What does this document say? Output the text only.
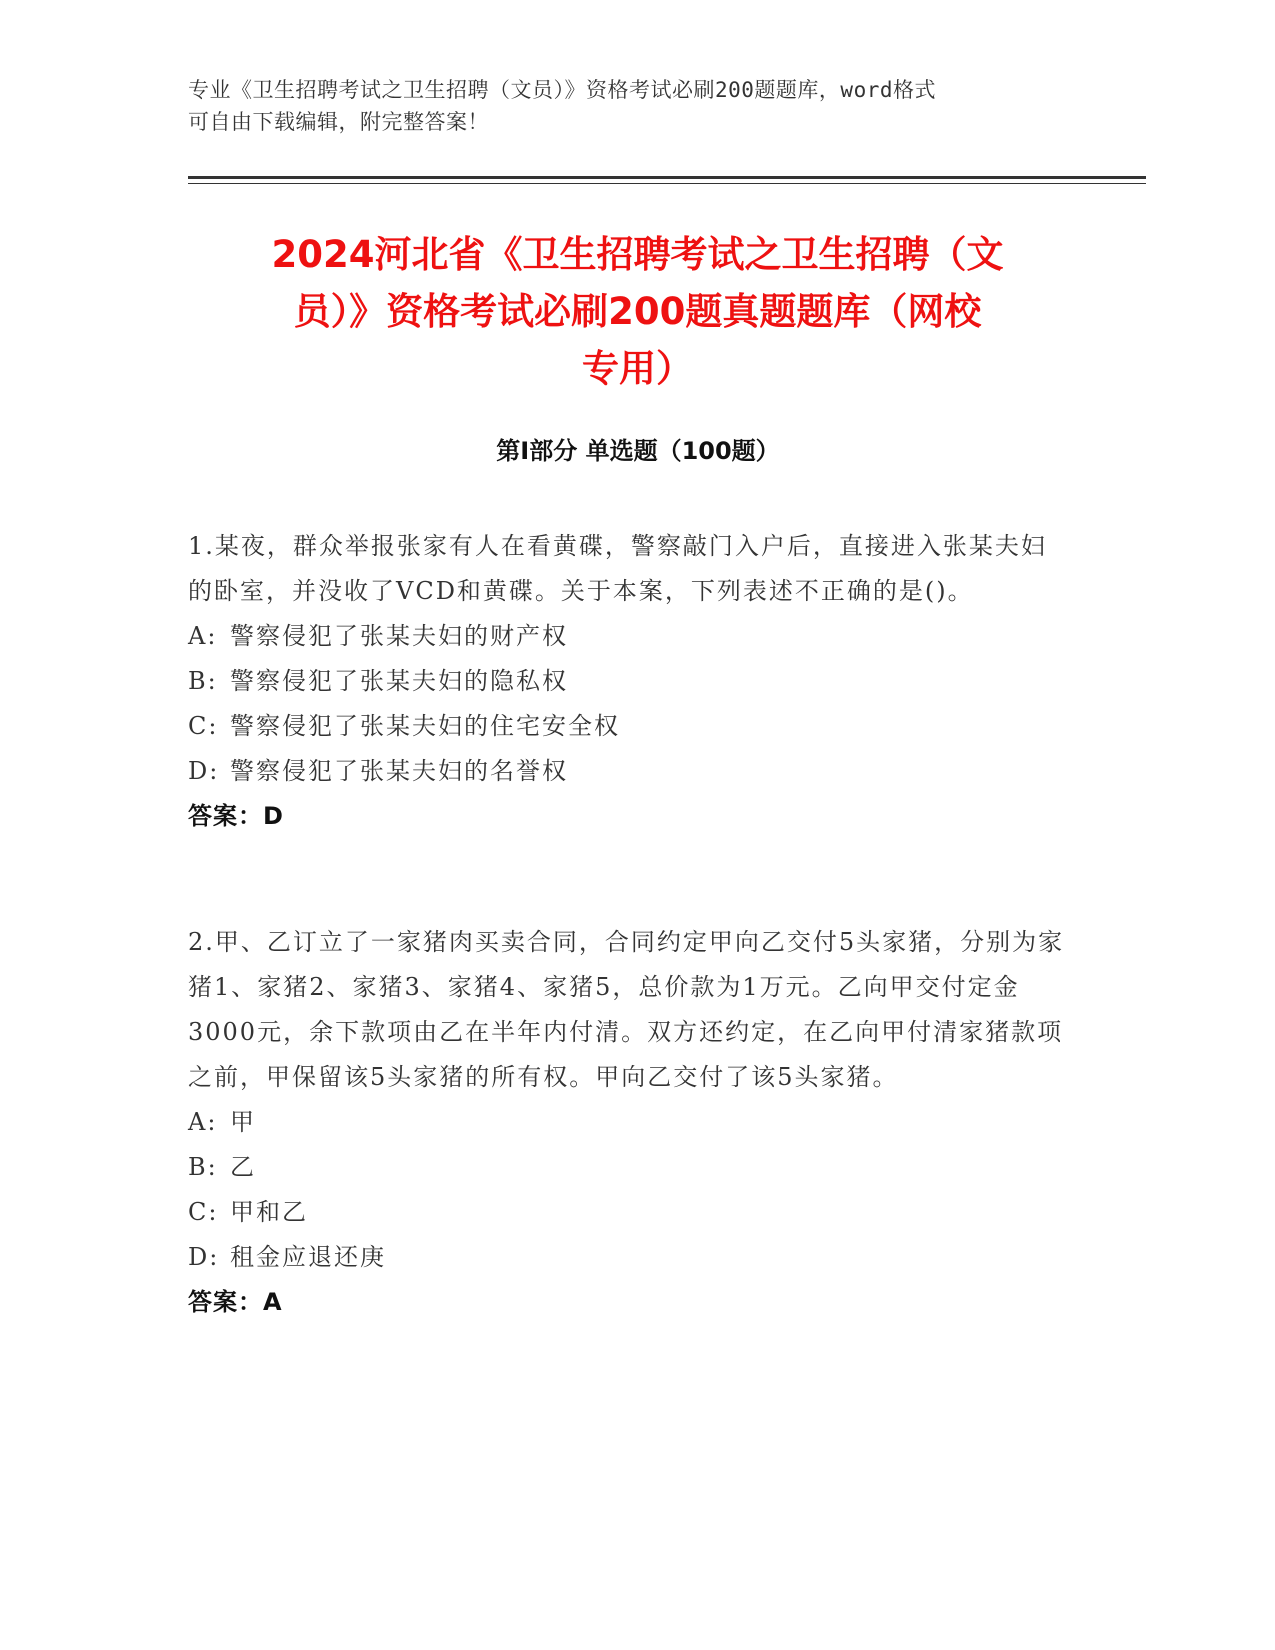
专业《卫生招聘考试之卫生招聘（文员）》资格考试必刷200题题库，word格式
可自由下载编辑，附完整答案！
2024河北省《卫生招聘考试之卫生招聘（文
员）》资格考试必刷200题真题题库（网校
专用）
第Ⅰ部分 单选题（100题）
1.某夜，群众举报张家有人在看黄碟，警察敲门入户后，直接进入张某夫妇的卧室，并没收了VCD和黄碟。关于本案，下列表述不正确的是()。
A: 警察侵犯了张某夫妇的财产权
B: 警察侵犯了张某夫妇的隐私权
C: 警察侵犯了张某夫妇的住宅安全权
D: 警察侵犯了张某夫妇的名誉权
答案：D
2.甲、乙订立了一家猪肉买卖合同，合同约定甲向乙交付5头家猪，分别为家猪1、家猪2、家猪3、家猪4、家猪5，总价款为1万元。乙向甲交付定金3000元，余下款项由乙在半年内付清。双方还约定，在乙向甲付清家猪款项之前，甲保留该5头家猪的所有权。甲向乙交付了该5头家猪。
A: 甲
B: 乙
C: 甲和乙
D: 租金应退还庚
答案：A
